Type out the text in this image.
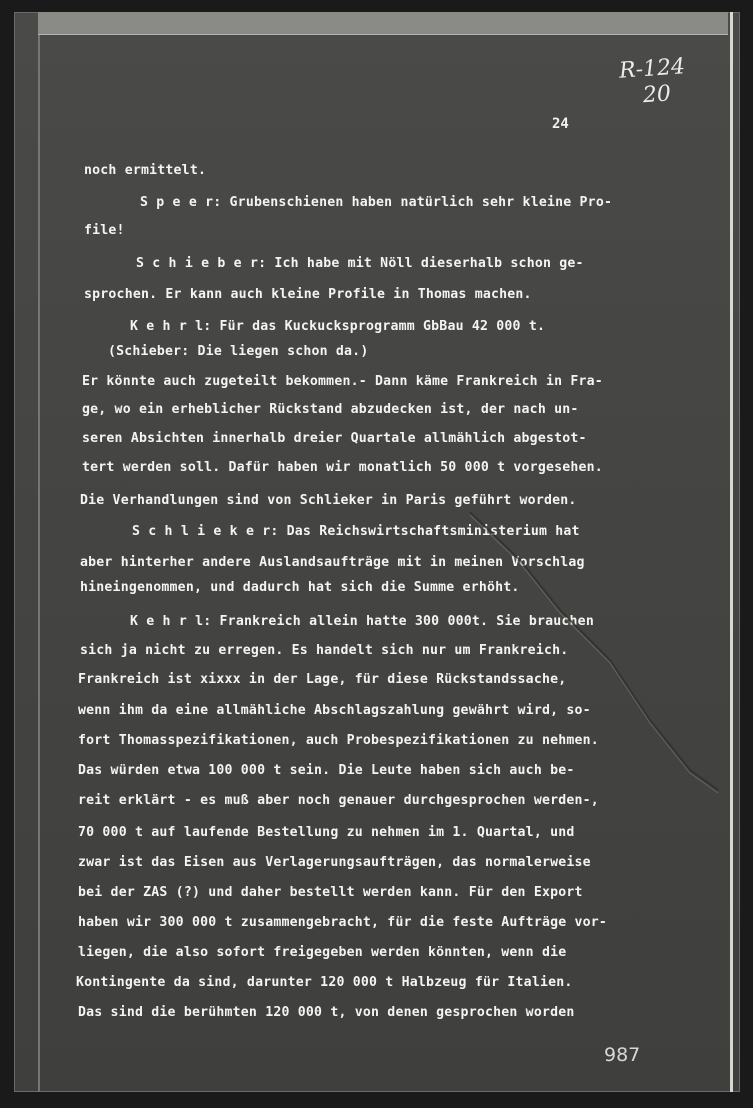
R-124
20
24
noch ermittelt.
S p e e r: Grubenschienen haben natürlich sehr kleine Pro-
file!
S c h i e b e r: Ich habe mit Nöll dieserhalb schon ge-
sprochen. Er kann auch kleine Profile in Thomas machen.
K e h r l: Für das Kuckucksprogramm GbBau 42 000 t.
(Schieber: Die liegen schon da.)
Er könnte auch zugeteilt bekommen.- Dann käme Frankreich in Fra-
ge, wo ein erheblicher Rückstand abzudecken ist, der nach un-
seren Absichten innerhalb dreier Quartale allmählich abgestot-
tert werden soll. Dafür haben wir monatlich 50 000 t vorgesehen.
Die Verhandlungen sind von Schlieker in Paris geführt worden.
S c h l i e k e r: Das Reichswirtschaftsministerium hat
aber hinterher andere Auslandsaufträge mit in meinen Vorschlag
hineingenommen, und dadurch hat sich die Summe erhöht.
K e h r l: Frankreich allein hatte 300 000t. Sie brauchen
sich ja nicht zu erregen. Es handelt sich nur um Frankreich.
Frankreich ist xixxx in der Lage, für diese Rückstandssache,
wenn ihm da eine allmähliche Abschlagszahlung gewährt wird, so-
fort Thomasspezifikationen, auch Probespezifikationen zu nehmen.
Das würden etwa 100 000 t sein. Die Leute haben sich auch be-
reit erklärt - es muß aber noch genauer durchgesprochen werden-,
70 000 t auf laufende Bestellung zu nehmen im 1. Quartal, und
zwar ist das Eisen aus Verlagerungsaufträgen, das normalerweise
bei der ZAS (?) und daher bestellt werden kann. Für den Export
haben wir 300 000 t zusammengebracht, für die feste Aufträge vor-
liegen, die also sofort freigegeben werden könnten, wenn die
Kontingente da sind, darunter 120 000 t Halbzeug für Italien.
Das sind die berühmten 120 000 t, von denen gesprochen worden
987
